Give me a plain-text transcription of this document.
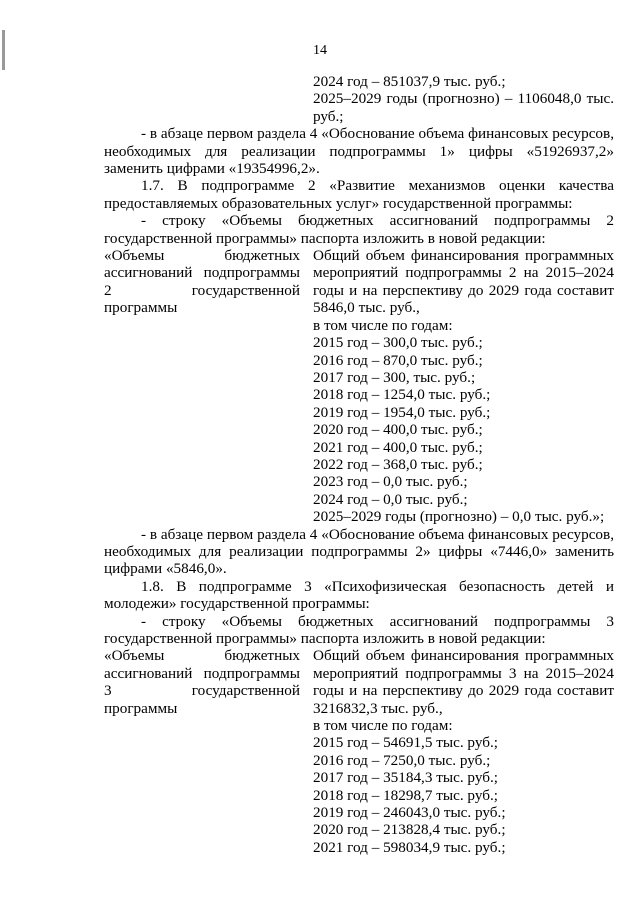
14

2024 год – 851037,9 тыс. руб.;

2025–2029 годы (прогнозно) – 1106048,0 тыс.

руб.;

- в абзаце первом раздела 4 «Обоснование объема финансовых ресурсов, необходимых для реализации подпрограммы 1» цифры «51926937,2» заменить цифрами «19354996,2».

1.7. В подпрограмме 2 «Развитие механизмов оценки качества предоставляемых образовательных услуг» государственной программы:

- строку «Объемы бюджетных ассигнований подпрограммы 2 государственной программы» паспорта изложить в новой редакции:

«Объемы бюджетных ассигнований подпрограммы 2 государственной программы

Общий объем финансирования программных мероприятий подпрограммы 2 на 2015–2024 годы и на перспективу до 2029 года составит 5846,0 тыс. руб.,

в том числе по годам:

2015 год – 300,0 тыс. руб.;

2016 год – 870,0 тыс. руб.;

2017 год – 300, тыс. руб.;

2018 год – 1254,0 тыс. руб.;

2019 год – 1954,0 тыс. руб.;

2020 год – 400,0 тыс. руб.;

2021 год – 400,0 тыс. руб.;

2022 год – 368,0 тыс. руб.;

2023 год – 0,0 тыс. руб.;

2024 год – 0,0 тыс. руб.;

2025–2029 годы (прогнозно) – 0,0 тыс. руб.»;

- в абзаце первом раздела 4 «Обоснование объема финансовых ресурсов, необходимых для реализации подпрограммы 2» цифры «7446,0» заменить цифрами «5846,0».

1.8. В подпрограмме 3 «Психофизическая безопасность детей и молодежи» государственной программы:

- строку «Объемы бюджетных ассигнований подпрограммы 3 государственной программы» паспорта изложить в новой редакции:

«Объемы бюджетных ассигнований подпрограммы 3 государственной программы

Общий объем финансирования программных мероприятий подпрограммы 3 на 2015–2024 годы и на перспективу до 2029 года составит 3216832,3 тыс. руб.,

в том числе по годам:

2015 год – 54691,5 тыс. руб.;

2016 год – 7250,0 тыс. руб.;

2017 год – 35184,3 тыс. руб.;

2018 год – 18298,7 тыс. руб.;

2019 год – 246043,0 тыс. руб.;

2020 год – 213828,4 тыс. руб.;

2021 год – 598034,9 тыс. руб.;
